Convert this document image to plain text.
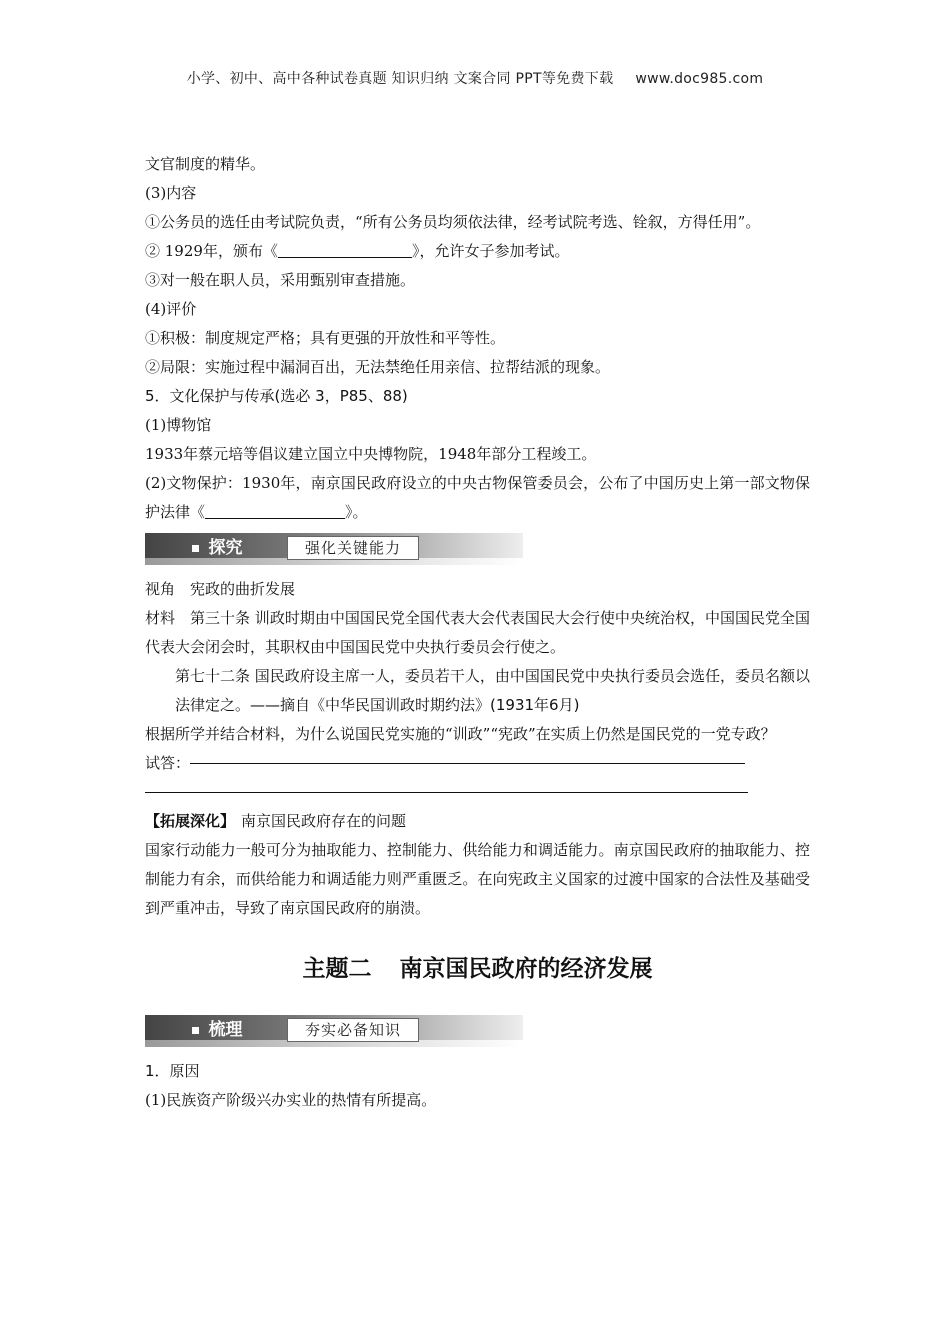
小学、初中、高中各种试卷真题 知识归纳 文案合同 PPT等免费下载 www.doc985.com
文官制度的精华。
(3)内容
①公务员的选任由考试院负责，“所有公务员均须依法律，经考试院考选、铨叙，方得任用”。
② 1929年，颁布《	》，允许女子参加考试。
③对一般在职人员，采用甄别审查措施。
(4)评价
①积极：制度规定严格；具有更强的开放性和平等性。
②局限：实施过程中漏洞百出，无法禁绝任用亲信、拉帮结派的现象。
5．文化保护与传承(选必 3，P85、88)
(1)博物馆
1933年蔡元培等倡议建立国立中央博物院，1948年部分工程竣工。
(2)文物保护：1930年，南京国民政府设立的中央古物保管委员会，公布了中国历史上第一部文物保护法律《	》。
探究	强化关键能力
视角　宪政的曲折发展
材料　第三十条 训政时期由中国国民党全国代表大会代表国民大会行使中央统治权，中国国民党全国代表大会闭会时，其职权由中国国民党中央执行委员会行使之。
第七十二条 国民政府设主席一人，委员若干人，由中国国民党中央执行委员会选任，委员名额以法律定之。——摘自《中华民国训政时期约法》(1931年6月)
根据所学并结合材料，为什么说国民党实施的“训政”“宪政”在实质上仍然是国民党的一党专政？
试答：
【拓展深化】 南京国民政府存在的问题
国家行动能力一般可分为抽取能力、控制能力、供给能力和调适能力。南京国民政府的抽取能力、控制能力有余，而供给能力和调适能力则严重匮乏。在向宪政主义国家的过渡中国家的合法性及基础受到严重冲击，导致了南京国民政府的崩溃。
主题二 南京国民政府的经济发展
梳理	夯实必备知识
1．原因
(1)民族资产阶级兴办实业的热情有所提高。
